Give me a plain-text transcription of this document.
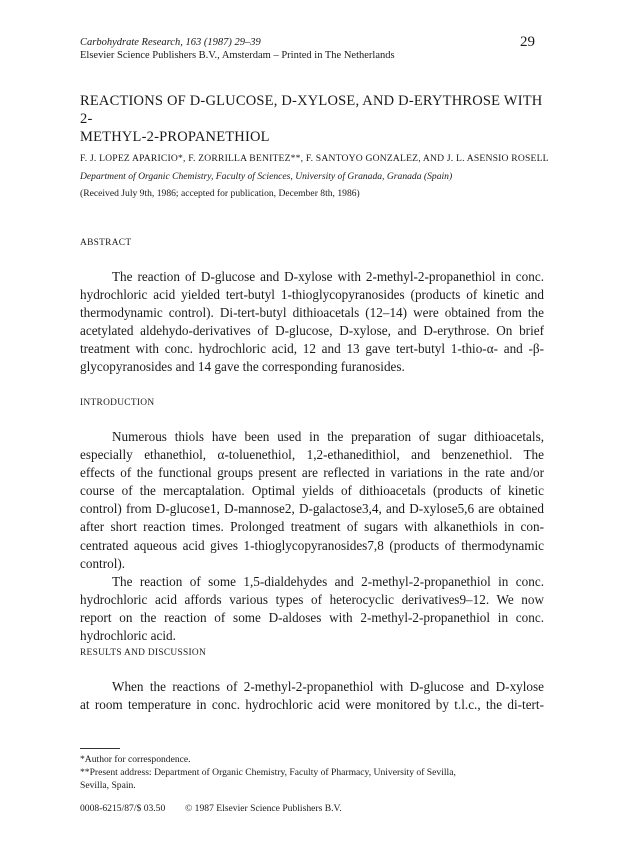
Carbohydrate Research, 163 (1987) 29–39
Elsevier Science Publishers B.V., Amsterdam – Printed in The Netherlands
29
REACTIONS OF D-GLUCOSE, D-XYLOSE, AND D-ERYTHROSE WITH 2-
METHYL-2-PROPANETHIOL
F. J. LOPEZ APARICIO*, F. ZORRILLA BENITEZ**, F. SANTOYO GONZALEZ, AND J. L. ASENSIO ROSELL
Department of Organic Chemistry, Faculty of Sciences, University of Granada, Granada (Spain)
(Received July 9th, 1986; accepted for publication, December 8th, 1986)
ABSTRACT
The reaction of D-glucose and D-xylose with 2-methyl-2-propanethiol in conc.
hydrochloric acid yielded tert-butyl 1-thioglycopyranosides (products of kinetic and
thermodynamic control). Di-tert-butyl dithioacetals (12–14) were obtained from the
acetylated aldehydo-derivatives of D-glucose, D-xylose, and D-erythrose. On brief
treatment with conc. hydrochloric acid, 12 and 13 gave tert-butyl 1-thio-α- and -β-
glycopyranosides and 14 gave the corresponding furanosides.
INTRODUCTION
Numerous thiols have been used in the preparation of sugar dithioacetals,
especially ethanethiol, α-toluenethiol, 1,2-ethanedithiol, and benzenethiol. The
effects of the functional groups present are reflected in variations in the rate and/or
course of the mercaptalation. Optimal yields of dithioacetals (products of kinetic
control) from D-glucose1, D-mannose2, D-galactose3,4, and D-xylose5,6 are obtained
after short reaction times. Prolonged treatment of sugars with alkanethiols in con-
centrated aqueous acid gives 1-thioglycopyranosides7,8 (products of thermodynamic
control).
The reaction of some 1,5-dialdehydes and 2-methyl-2-propanethiol in conc.
hydrochloric acid affords various types of heterocyclic derivatives9–12. We now
report on the reaction of some D-aldoses with 2-methyl-2-propanethiol in conc.
hydrochloric acid.
RESULTS AND DISCUSSION
When the reactions of 2-methyl-2-propanethiol with D-glucose and D-xylose
at room temperature in conc. hydrochloric acid were monitored by t.l.c., the di-tert-
*Author for correspondence.
**Present address: Department of Organic Chemistry, Faculty of Pharmacy, University of Sevilla,
Sevilla, Spain.
0008-6215/87/$ 03.50 © 1987 Elsevier Science Publishers B.V.
